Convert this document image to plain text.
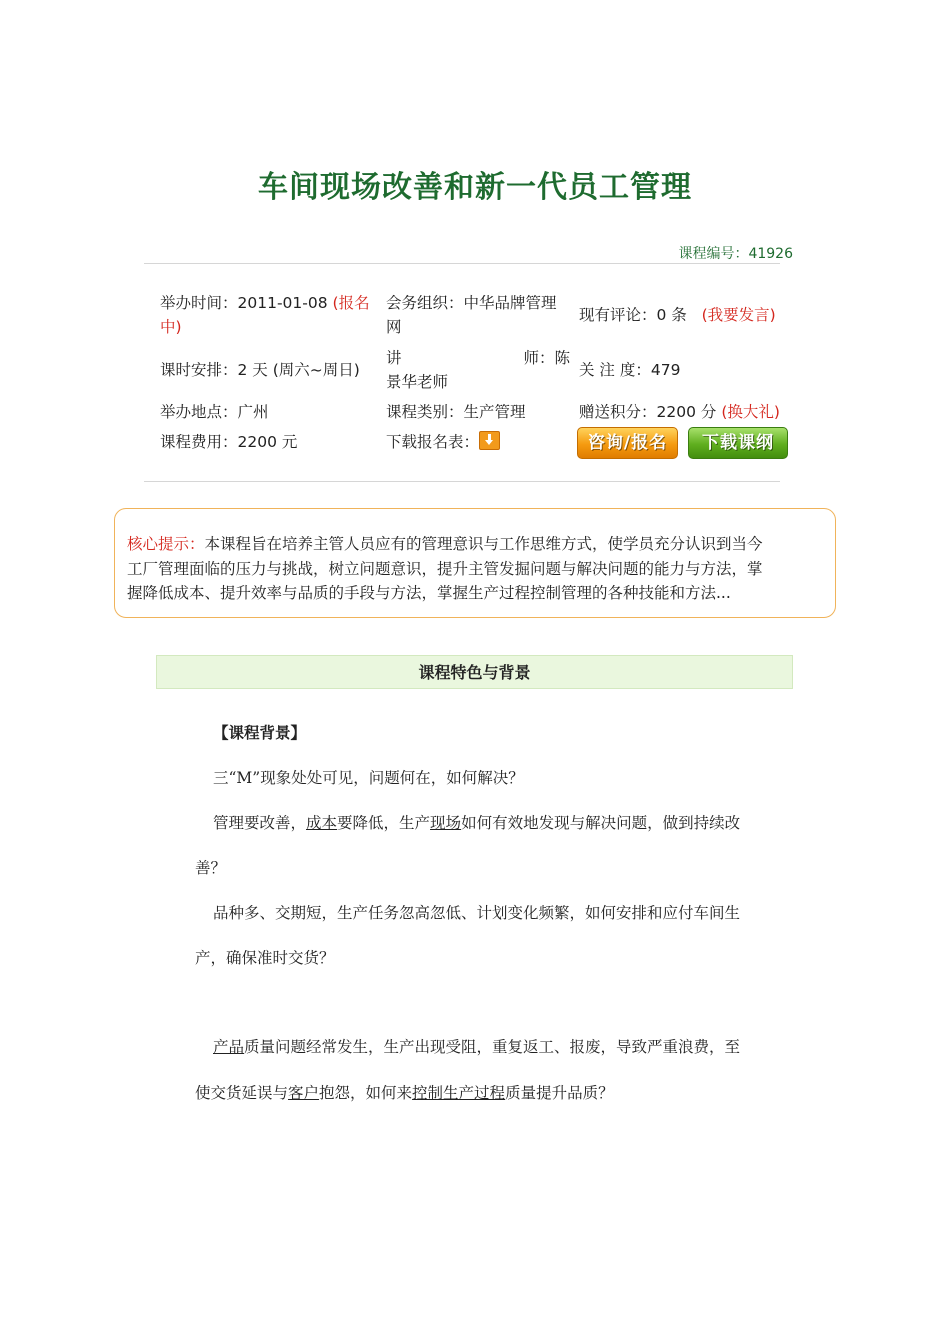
车间现场改善和新一代员工管理
课程编号：41926
举办时间：2011-01-08 (报名
中)
课时安排：2 天 (周六~周日)
举办地点：广州
课程费用：2200 元
会务组织：中华品牌管理
网
讲	师：陈
景华老师
课程类别：生产管理
下载报名表：
现有评论：0 条 (我要发言)
关 注 度：479
赠送积分：2200 分 (换大礼)
咨询/报名	下载课纲
核心提示：本课程旨在培养主管人员应有的管理意识与工作思维方式，使学员充分认识到当今
工厂管理面临的压力与挑战，树立问题意识，提升主管发掘问题与解决问题的能力与方法，掌
握降低成本、提升效率与品质的手段与方法，掌握生产过程控制管理的各种技能和方法...
课程特色与背景
【课程背景】
三“M”现象处处可见，问题何在，如何解决？
管理要改善，成本要降低，生产现场如何有效地发现与解决问题，做到持续改
善？
品种多、交期短，生产任务忽高忽低、计划变化频繁，如何安排和应付车间生
产，确保准时交货？
产品质量问题经常发生，生产出现受阻，重复返工、报废，导致严重浪费，至
使交货延误与客户抱怨，如何来控制生产过程质量提升品质？
